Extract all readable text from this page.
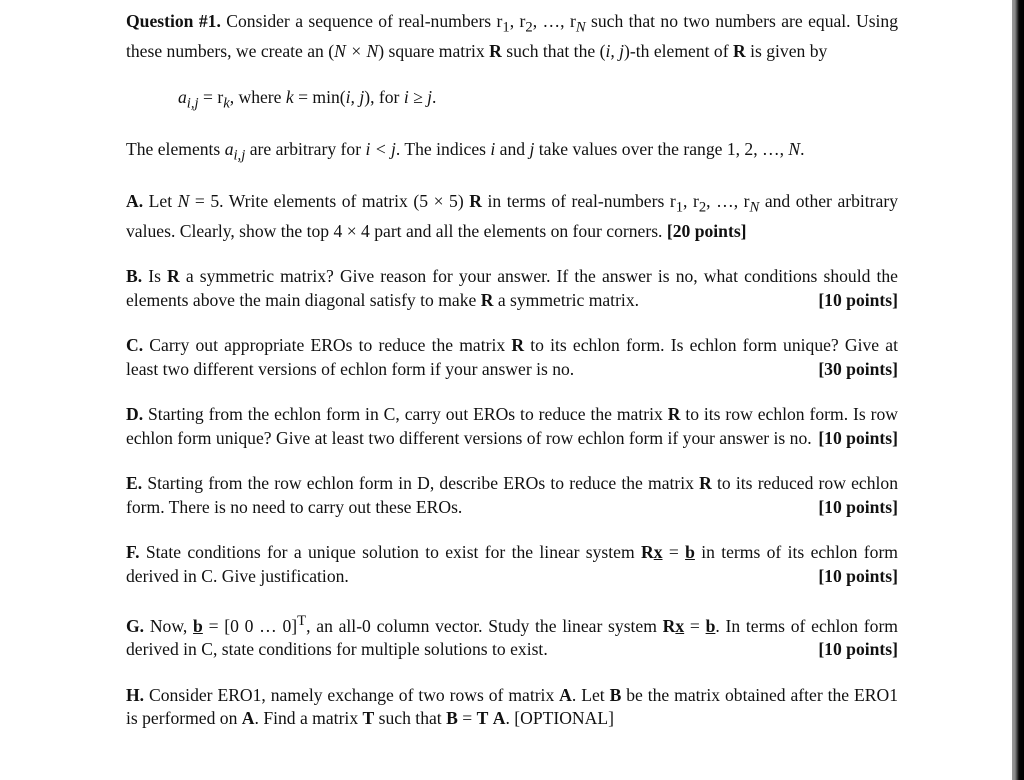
Question #1. Consider a sequence of real-numbers $r_1$, $r_2$, …, $r_N$ such that no two numbers are equal. Using these numbers, we create an (N × N) square matrix R such that the (i, j)-th element of R is given by

$a_{i,j} = r_k$, where k = min(i, j), for i ≥ j.

The elements $a_{i,j}$ are arbitrary for i < j. The indices i and j take values over the range 1, 2, …, N.

A. Let N = 5. Write elements of matrix (5 × 5) R in terms of real-numbers $r_1$, $r_2$, …, $r_N$ and other arbitrary values. Clearly, show the top 4 × 4 part and all the elements on four corners. [20 points]

B. Is R a symmetric matrix? Give reason for your answer. If the answer is no, what conditions should the elements above the main diagonal satisfy to make R a symmetric matrix.	[10 points]

C. Carry out appropriate EROs to reduce the matrix R to its echlon form. Is echlon form unique? Give at least two different versions of echlon form if your answer is no.	[30 points]

D. Starting from the echlon form in C, carry out EROs to reduce the matrix R to its row echlon form. Is row echlon form unique? Give at least two different versions of row echlon form if your answer is no. [10 points]

E. Starting from the row echlon form in D, describe EROs to reduce the matrix R to its reduced row echlon form. There is no need to carry out these EROs.	[10 points]

F. State conditions for a unique solution to exist for the linear system Rx = b in terms of its echlon form derived in C. Give justification.	[10 points]

G. Now, b = [0 0 … 0]$^T$, an all-0 column vector. Study the linear system Rx = b. In terms of echlon form derived in C, state conditions for multiple solutions to exist.	[10 points]

H. Consider ERO1, namely exchange of two rows of matrix A. Let B be the matrix obtained after the ERO1 is performed on A. Find a matrix T such that B = T A. [OPTIONAL]
